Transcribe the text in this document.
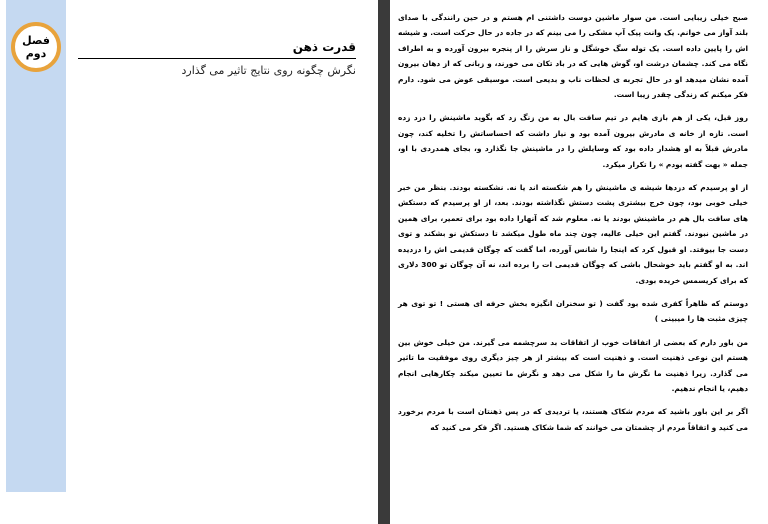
فصل
دوم	قدرت ذهن

نگرش چگونه روی نتایج تاثیر می گذارد

صبح خیلی زیبایی است. من سوار ماشین دوست داشتنی ام هستم و در حین رانندگی با صدای بلند آواز می خوانم. یک وانت پیک آپ مشکی را می بینم که در جاده در حال حرکت است. و شیشه اش را پایین داده است. یک توله سگ خوشگل و ناز سرش را از پنجره بیرون آورده و به اطراف نگاه می کند. چشمان درشت او، گوش هایی که در باد تکان می خورند، و زبانی که از دهان بیرون آمده نشان میدهد او در حال تجربه ی لحظات ناب و بدیعی است. موسیقی عوض می شود. دارم فکر میکنم که زندگی چقدر زیبا است.

روز قبل، یکی از هم بازی هایم در تیم سافت بال به من زنگ زد که بگوید ماشینش را دزد زده است. تازه از خانه ی مادرش بیرون آمده بود و نیاز داشت که احساساتش را تخلیه کند، چون مادرش قبلاً به او هشدار داده بود که وسایلش را در ماشینش جا نگذارد و، بجای همدردی با او، جمله « بهت گفته بودم » را تکرار میکرد.

از او پرسیدم که دزدها شیشه ی ماشینش را هم شکسته اند یا نه. نشکسته بودند. بنظر من خبر خیلی خوبی بود، چون خرج بیشتری پشت دستش نگذاشته بودند. بعد، از او پرسیدم که دستکش های سافت بال هم در ماشینش بودند یا نه. معلوم شد که آنهارا داده بود برای تعمیر، برای همین در ماشین نبودند. گفتم این خیلی عالیه، چون چند ماه طول میکشد تا دستکش نو بشکند و توی دست جا بیوفتد. او قبول کرد که اینجا را شانس آورده، اما گفت که چوگان قدیمی اش را دزدیده اند. به او گفتم باید خوشحال باشی که چوگان قدیمی ات را برده اند، نه آن چوگان تو 300 دلاری که برای کریسمس خریده بودی.

دوستم که ظاهراً کفری شده بود گفت ( تو سخنران انگیزه بخش حرفه ای هستی ! تو توی هر چیزی مثبت ها را میبینی )

من باور دارم که بعضی از اتفاقات خوب از اتفاقات بد سرچشمه می گیرند. من خیلی خوش بین هستم این نوعی ذهنیت است. و ذهنیت است که بیشتر از هر چیز دیگری روی موفقیت ما تاثیر می گذارد. زیرا ذهنیت ما نگرش ما را شکل می دهد و نگرش ما تعیین میکند چکارهایی انجام دهیم، یا انجام ندهیم.

اگر بر این باور باشید که مردم شکاک هستند، یا تردیدی که در پس ذهنتان است با مردم برخورد می کنید و اتفاقاً مردم از چشمتان می خوانند که شما شکاک هستید. اگر فکر می کنید که
